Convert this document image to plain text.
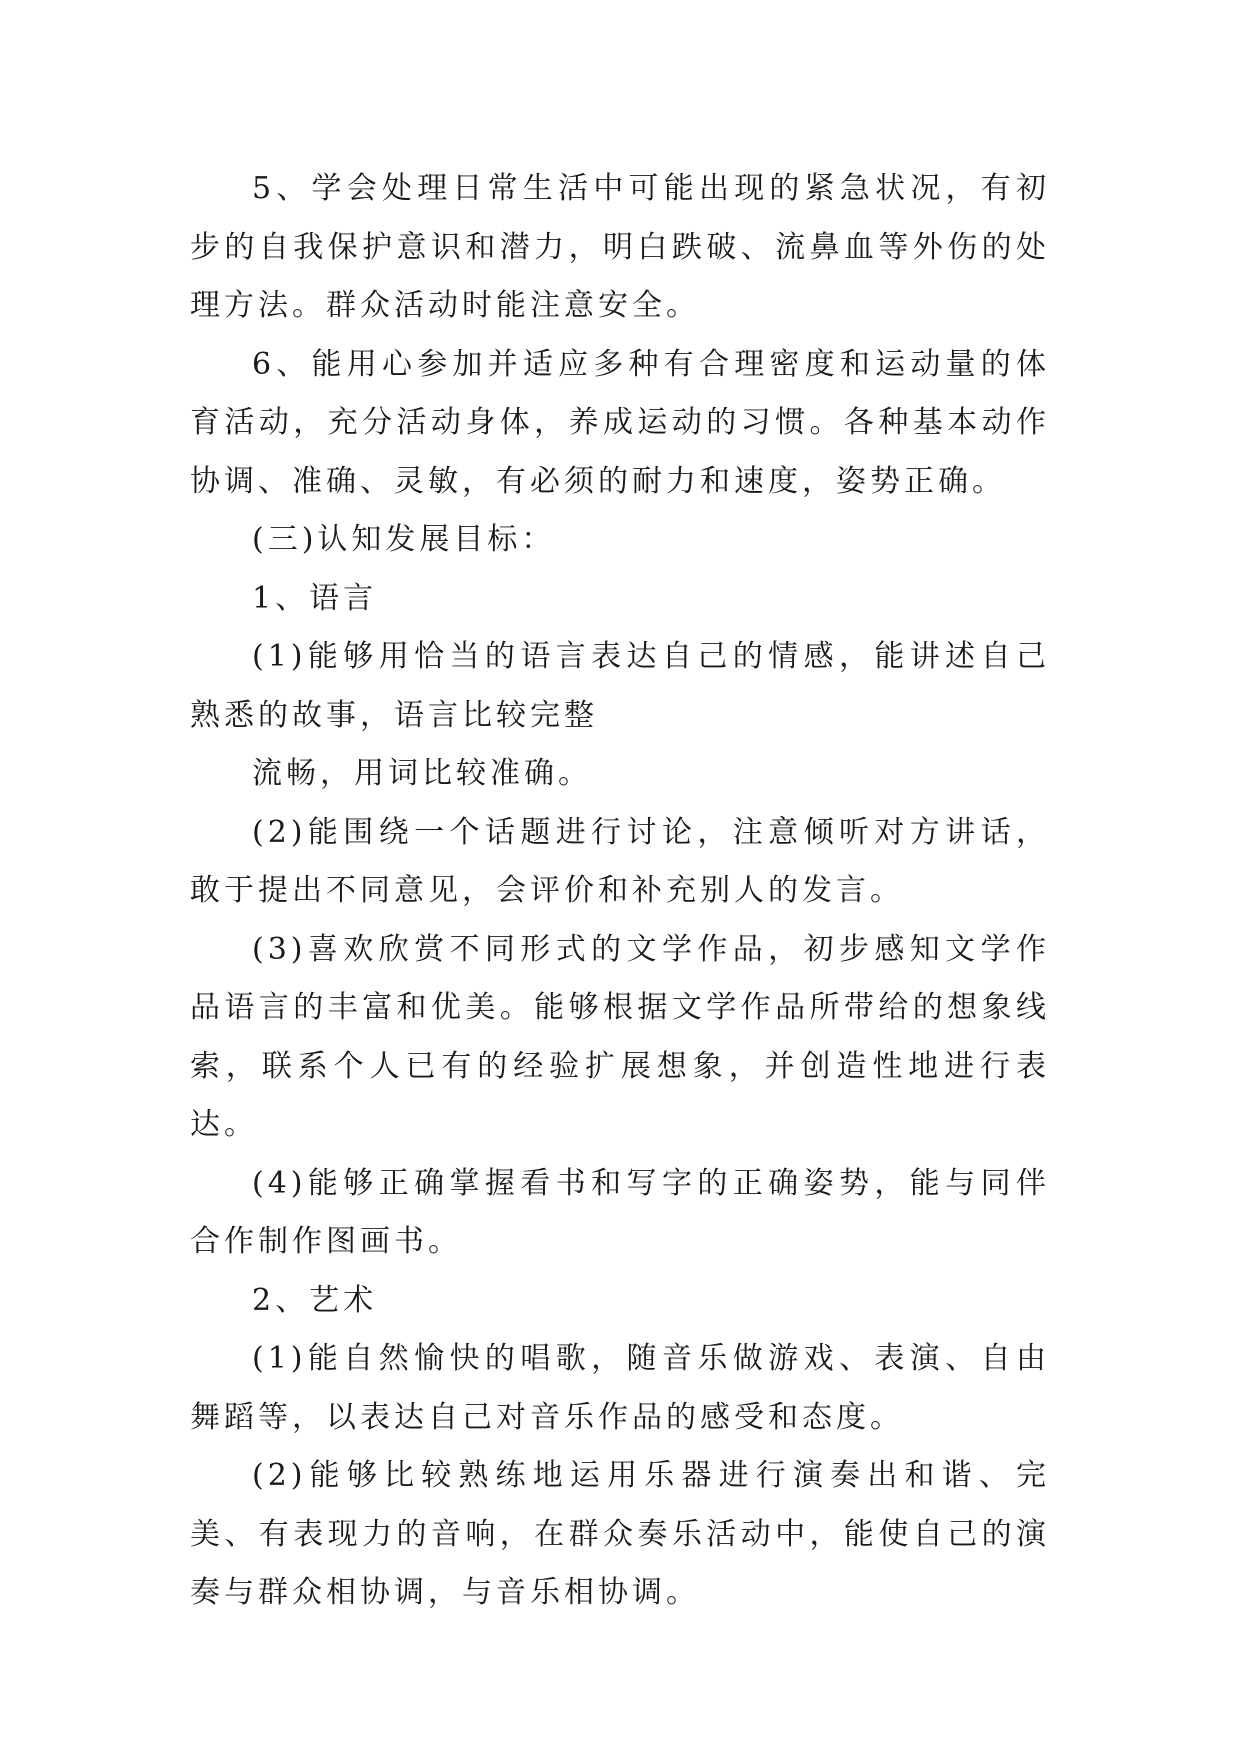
5、学会处理日常生活中可能出现的紧急状况，有初步的自我保护意识和潜力，明白跌破、流鼻血等外伤的处理方法。群众活动时能注意安全。

6、能用心参加并适应多种有合理密度和运动量的体育活动，充分活动身体，养成运动的习惯。各种基本动作协调、准确、灵敏，有必须的耐力和速度，姿势正确。

(三)认知发展目标：

1、语言

(1)能够用恰当的语言表达自己的情感，能讲述自己熟悉的故事，语言比较完整

流畅，用词比较准确。

(2)能围绕一个话题进行讨论，注意倾听对方讲话，敢于提出不同意见，会评价和补充别人的发言。

(3)喜欢欣赏不同形式的文学作品，初步感知文学作品语言的丰富和优美。能够根据文学作品所带给的想象线索，联系个人已有的经验扩展想象，并创造性地进行表达。

(4)能够正确掌握看书和写字的正确姿势，能与同伴合作制作图画书。

2、艺术

(1)能自然愉快的唱歌，随音乐做游戏、表演、自由舞蹈等，以表达自己对音乐作品的感受和态度。

(2)能够比较熟练地运用乐器进行演奏出和谐、完美、有表现力的音响，在群众奏乐活动中，能使自己的演奏与群众相协调，与音乐相协调。
